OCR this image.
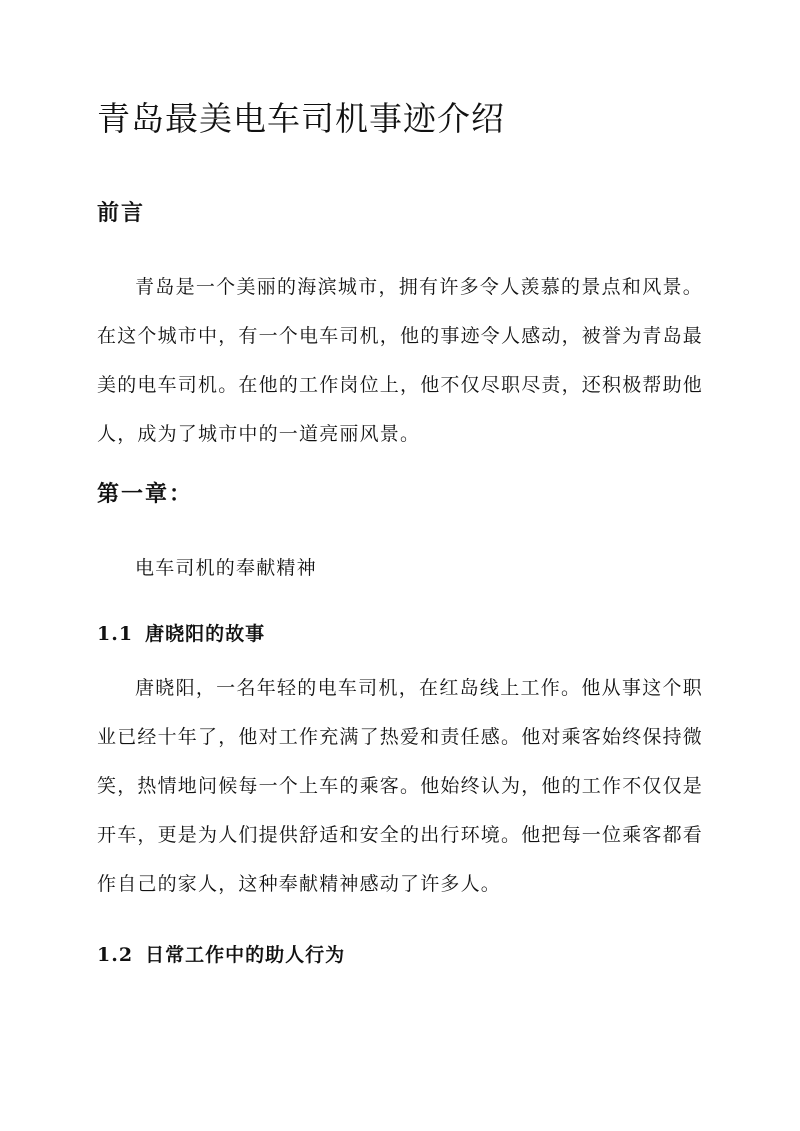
青岛最美电车司机事迹介绍
前言

青岛是一个美丽的海滨城市，拥有许多令人羡慕的景点和风景。在这个城市中，有一个电车司机，他的事迹令人感动，被誉为青岛最美的电车司机。在他的工作岗位上，他不仅尽职尽责，还积极帮助他人，成为了城市中的一道亮丽风景。

第一章：

电车司机的奉献精神

1.1 唐晓阳的故事

唐晓阳，一名年轻的电车司机，在红岛线上工作。他从事这个职业已经十年了，他对工作充满了热爱和责任感。他对乘客始终保持微笑，热情地问候每一个上车的乘客。他始终认为，他的工作不仅仅是开车，更是为人们提供舒适和安全的出行环境。他把每一位乘客都看作自己的家人，这种奉献精神感动了许多人。

1.2 日常工作中的助人行为
